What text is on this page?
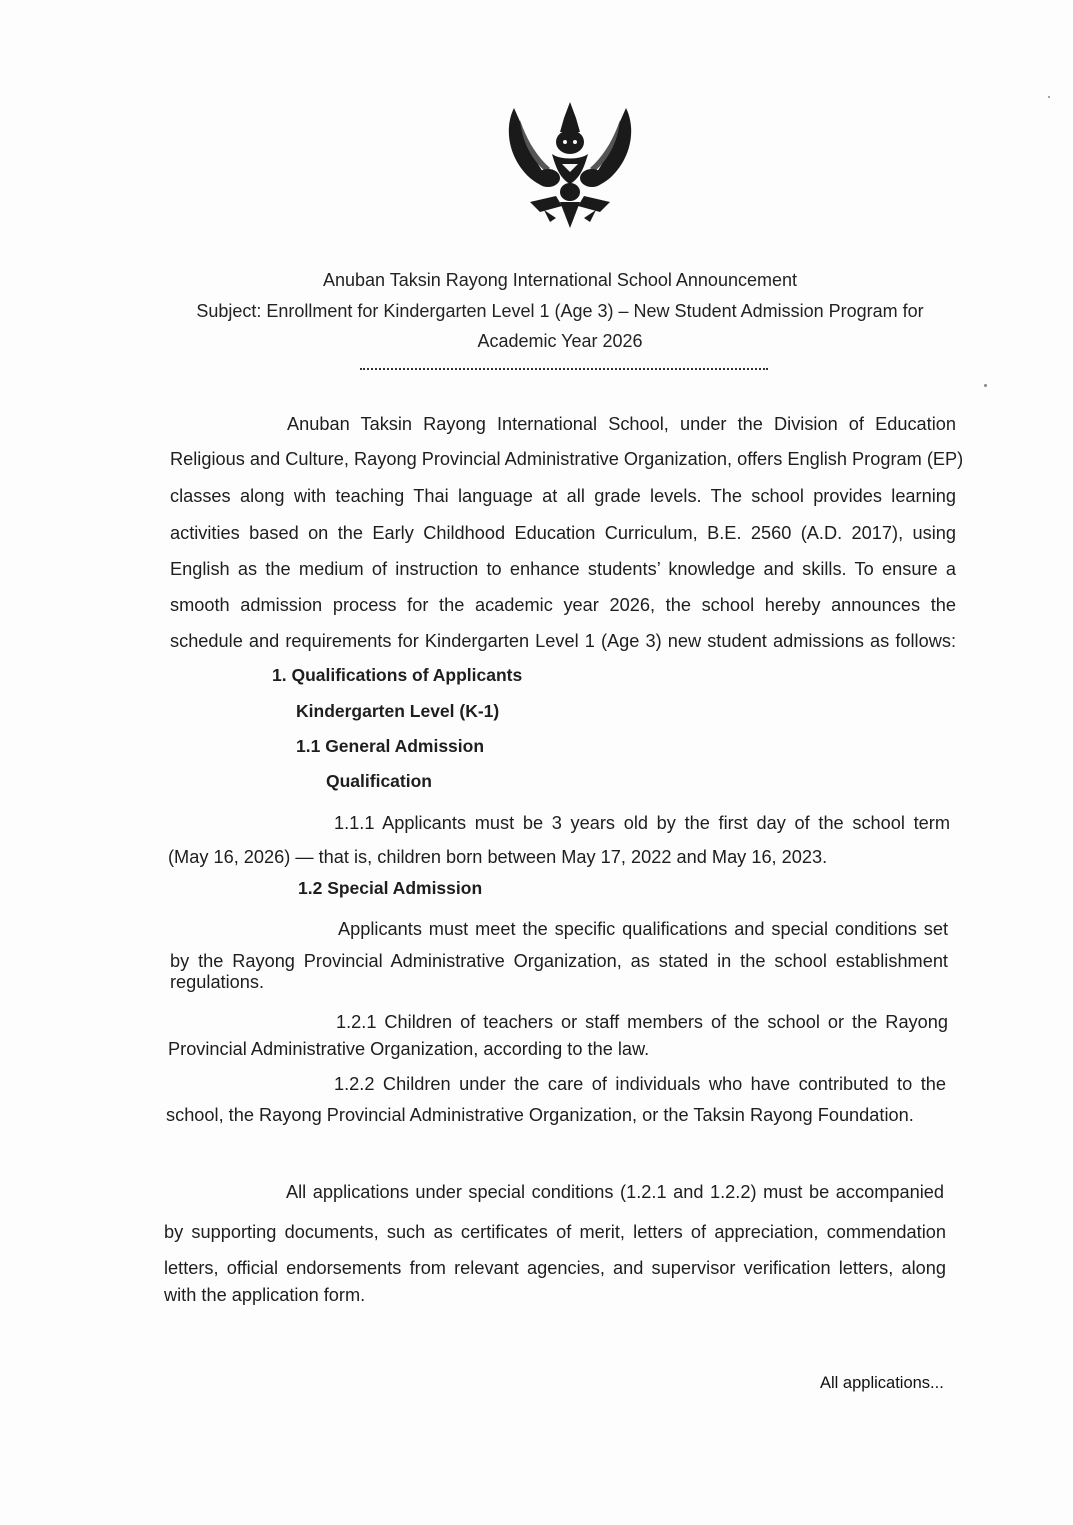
Anuban Taksin Rayong International School Announcement
Subject: Enrollment for Kindergarten Level 1 (Age 3) – New Student Admission Program for
Academic Year 2026
Anuban Taksin Rayong International School, under the Division of Education
Religious and Culture, Rayong Provincial Administrative Organization, offers English Program (EP)
classes along with teaching Thai language at all grade levels. The school provides learning
activities based on the Early Childhood Education Curriculum, B.E. 2560 (A.D. 2017), using
English as the medium of instruction to enhance students’ knowledge and skills. To ensure a
smooth admission process for the academic year 2026, the school hereby announces the
schedule and requirements for Kindergarten Level 1 (Age 3) new student admissions as follows:
1. Qualifications of Applicants
Kindergarten Level (K-1)
1.1 General Admission
Qualification
1.1.1 Applicants must be 3 years old by the first day of the school term
(May 16, 2026) — that is, children born between May 17, 2022 and May 16, 2023.
1.2 Special Admission
Applicants must meet the specific qualifications and special conditions set
by the Rayong Provincial Administrative Organization, as stated in the school establishment
regulations.
1.2.1 Children of teachers or staff members of the school or the Rayong
Provincial Administrative Organization, according to the law.
1.2.2 Children under the care of individuals who have contributed to the
school, the Rayong Provincial Administrative Organization, or the Taksin Rayong Foundation.
All applications under special conditions (1.2.1 and 1.2.2) must be accompanied
by supporting documents, such as certificates of merit, letters of appreciation, commendation
letters, official endorsements from relevant agencies, and supervisor verification letters, along
with the application form.
All applications...
